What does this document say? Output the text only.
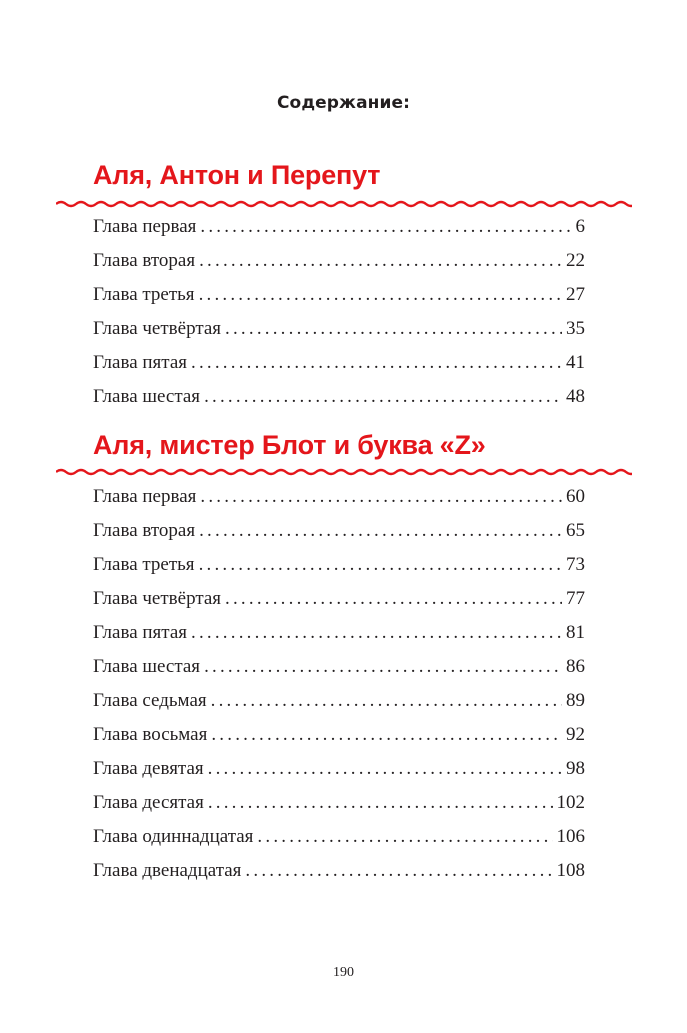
Содержание:
Аля, Антон и Перепут
Глава первая .....	6
Глава вторая .....	22
Глава третья .....	27
Глава четвёртая .....	35
Глава пятая .....	41
Глава шестая .....	48
Аля, мистер Блот и буква «Z»
Глава первая .....	60
Глава вторая .....	65
Глава третья .....	73
Глава четвёртая .....	77
Глава пятая .....	81
Глава шестая .....	86
Глава седьмая .....	89
Глава восьмая .....	92
Глава девятая .....	98
Глава десятая .....	102
Глава одиннадцатая .....	106
Глава двенадцатая .....	108
190
